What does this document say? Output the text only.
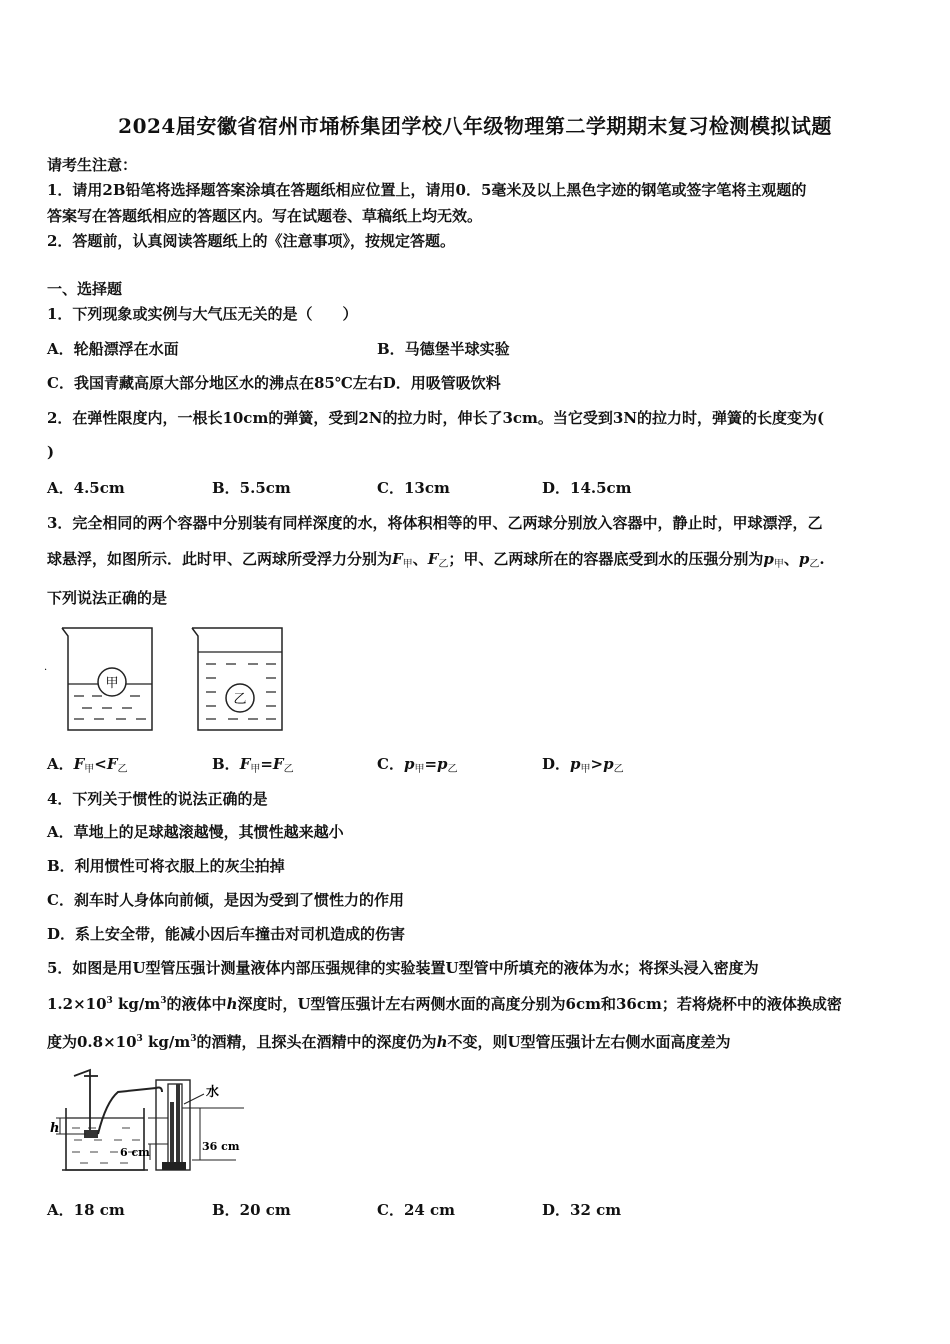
2024届安徽省宿州市埇桥集团学校八年级物理第二学期期末复习检测模拟试题
请考生注意：
1．请用2B铅笔将选择题答案涂填在答题纸相应位置上，请用0．5毫米及以上黑色字迹的钢笔或签字笔将主观题的
答案写在答题纸相应的答题区内。写在试题卷、草稿纸上均无效。
2．答题前，认真阅读答题纸上的《注意事项》，按规定答题。
一、选择题
1．下列现象或实例与大气压无关的是（　　）
A．轮船漂浮在水面	B．马德堡半球实验
C．我国青藏高原大部分地区水的沸点在85℃左右D．用吸管吸饮料
2．在弹性限度内，一根长10cm的弹簧，受到2N的拉力时，伸长了3cm。当它受到3N的拉力时，弹簧的长度变为(
)
A．4.5cm	B．5.5cm	C．13cm	D．14.5cm
3．完全相同的两个容器中分别装有同样深度的水，将体积相等的甲、乙两球分别放入容器中，静止时，甲球漂浮，乙
球悬浮，如图所示．此时甲、乙两球所受浮力分别为$F_甲$、$F_乙$；甲、乙两球所在的容器底受到水的压强分别为$p_甲$、$p_乙$.
下列说法正确的是
甲
.
乙
A．$F_甲<F_乙$	B．$F_甲=F_乙$	C．$p_甲=p_乙$	D．$p_甲>p_乙$
4．下列关于惯性的说法正确的是
A．草地上的足球越滚越慢，其惯性越来越小
B．利用惯性可将衣服上的灰尘拍掉
C．刹车时人身体向前倾，是因为受到了惯性力的作用
D．系上安全带，能减小因后车撞击对司机造成的伤害
5．如图是用U型管压强计测量液体内部压强规律的实验装置U型管中所填充的液体为水；将探头浸入密度为
$1.2\times 10^3$ $kg/m^3$的液体中h深度时，U型管压强计左右两侧水面的高度分别为6cm和36cm；若将烧杯中的液体换成密
度为$0.8\times 10^3$ $kg/m^3$的酒精，且探头在酒精中的深度仍为h不变，则U型管压强计左右侧水面高度差为
水
h
6 cm	36 cm
A．18 cm	B．20 cm	C．24 cm	D．32 cm
